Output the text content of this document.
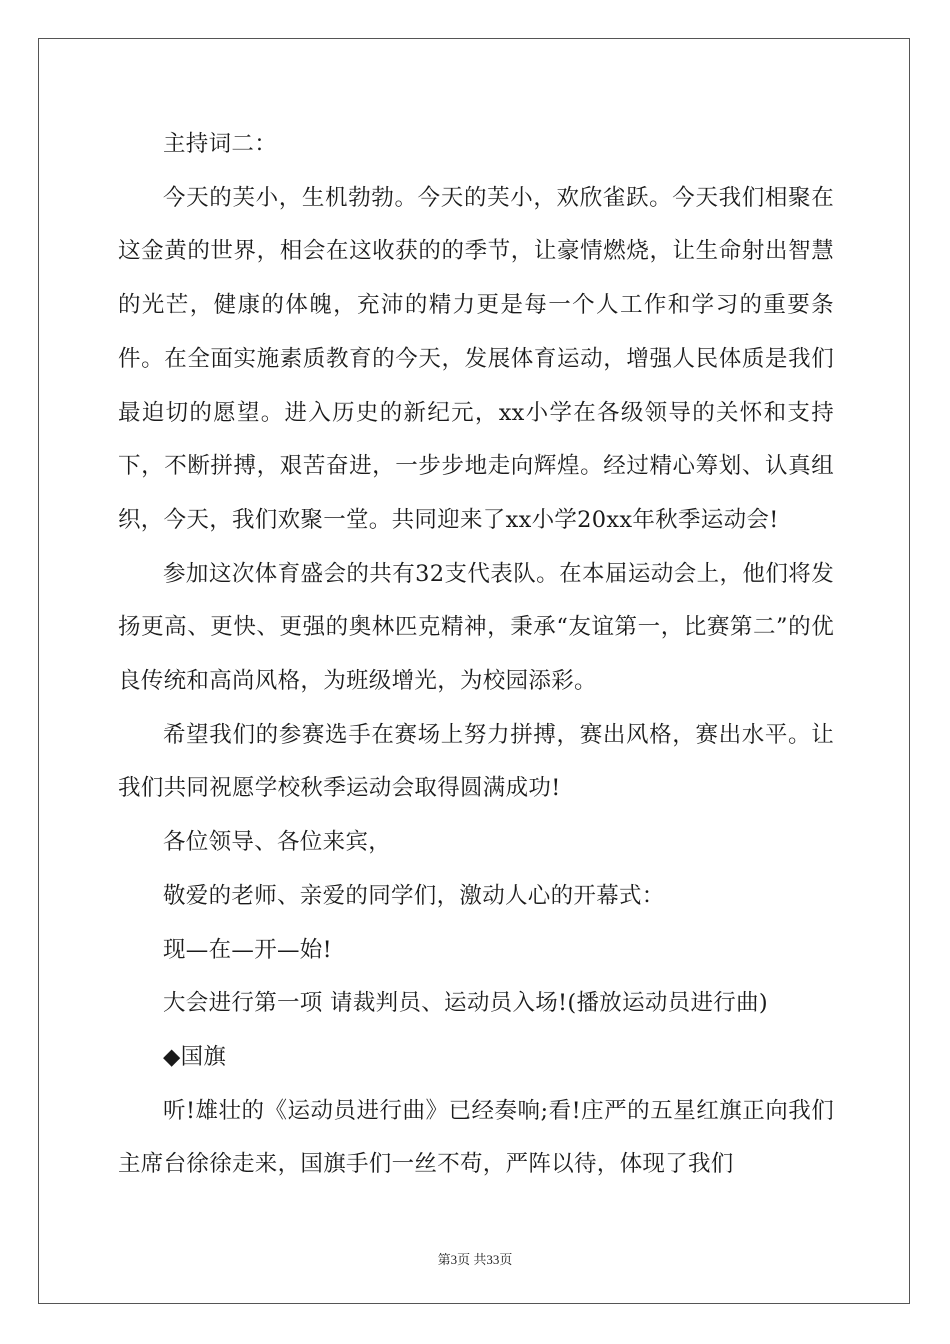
主持词二：

今天的芙小，生机勃勃。今天的芙小，欢欣雀跃。今天我们相聚在这金黄的世界，相会在这收获的的季节，让豪情燃烧，让生命射出智慧的光芒，健康的体魄，充沛的精力更是每一个人工作和学习的重要条件。在全面实施素质教育的今天，发展体育运动，增强人民体质是我们最迫切的愿望。进入历史的新纪元，xx小学在各级领导的关怀和支持下，不断拼搏，艰苦奋进，一步步地走向辉煌。经过精心筹划、认真组织，今天，我们欢聚一堂。共同迎来了xx小学20xx年秋季运动会!

参加这次体育盛会的共有32支代表队。在本届运动会上，他们将发扬更高、更快、更强的奥林匹克精神，秉承“友谊第一，比赛第二”的优良传统和高尚风格，为班级增光，为校园添彩。

希望我们的参赛选手在赛场上努力拼搏，赛出风格，赛出水平。让我们共同祝愿学校秋季运动会取得圆满成功!

各位领导、各位来宾，

敬爱的老师、亲爱的同学们，激动人心的开幕式：

现—在—开—始!

大会进行第一项 请裁判员、运动员入场!(播放运动员进行曲)

◆国旗

听!雄壮的《运动员进行曲》已经奏响;看!庄严的五星红旗正向我们主席台徐徐走来，国旗手们一丝不苟，严阵以待，体现了我们

第3页 共33页
